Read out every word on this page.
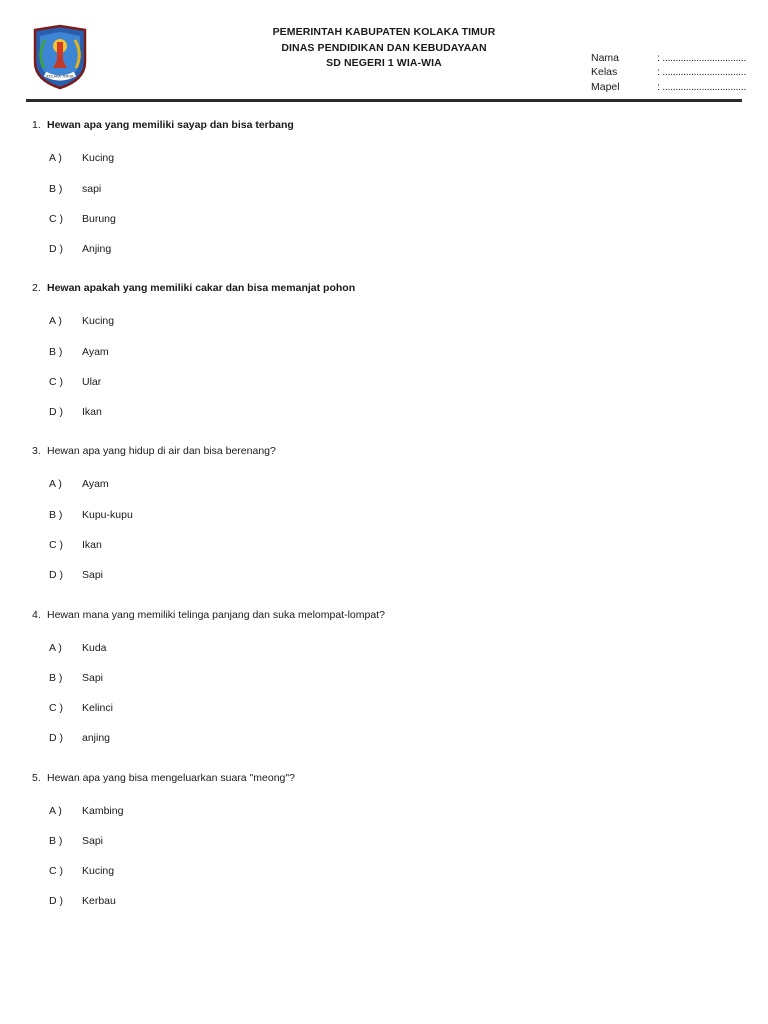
KOLAKA TIMUR
PEMERINTAH KABUPATEN KOLAKA TIMUR
DINAS PENDIDIKAN DAN KEBUDAYAAN
SD NEGERI 1 WIA-WIA	Nama	: ................................
Kelas	: ................................
Mapel	: ................................
1. Hewan apa yang memiliki sayap dan bisa terbang
A ) Kucing
B ) sapi
C ) Burung
D ) Anjing
2. Hewan apakah yang memiliki cakar dan bisa memanjat pohon
A ) Kucing
B ) Ayam
C ) Ular
D ) Ikan
3. Hewan apa yang hidup di air dan bisa berenang?
A ) Ayam
B ) Kupu-kupu
C ) Ikan
D ) Sapi
4. Hewan mana yang memiliki telinga panjang dan suka melompat-lompat?
A ) Kuda
B ) Sapi
C ) Kelinci
D ) anjing
5. Hewan apa yang bisa mengeluarkan suara "meong"?
A ) Kambing
B ) Sapi
C ) Kucing
D ) Kerbau
